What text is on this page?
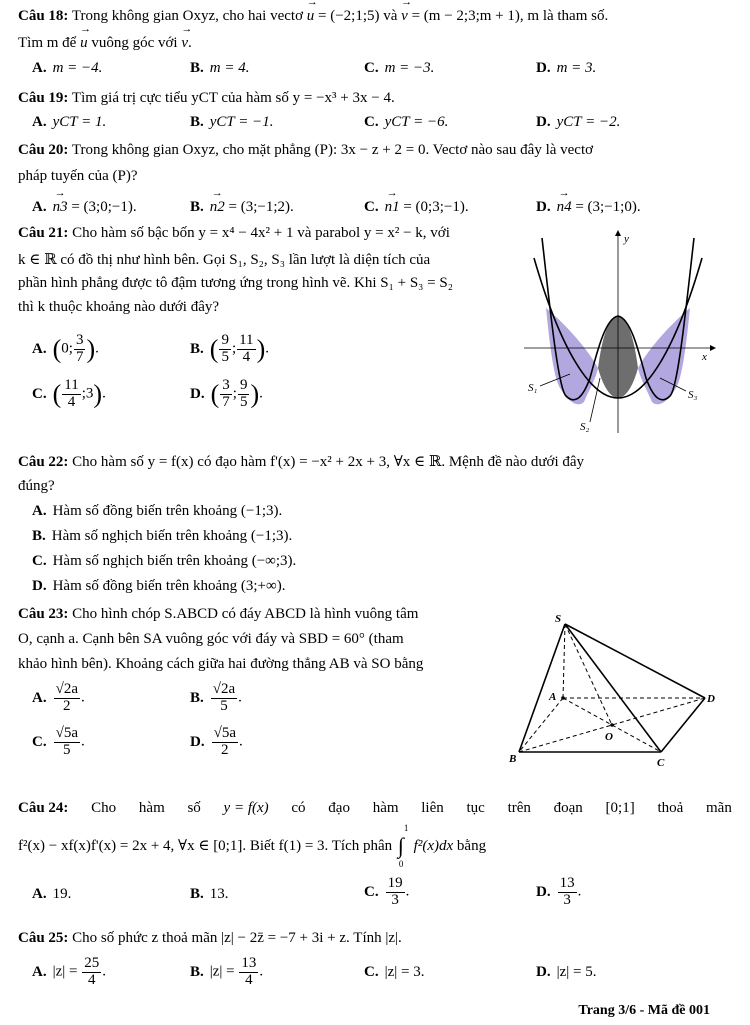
Câu 18: Trong không gian Oxyz, cho hai vectơ → u = (−2;1;5) và → v = (m − 2;3;m + 1), m là tham số.
Tìm m để → u vuông góc với → v.
A. m = −4.	B. m = 4.	C. m = −3.	D. m = 3.
Câu 19: Tìm giá trị cực tiểu yCT của hàm số y = −x³ + 3x − 4.
A. yCT = 1.	B. yCT = −1.	C. yCT = −6.	D. yCT = −2.
Câu 20: Trong không gian Oxyz, cho mặt phẳng (P): 3x − z + 2 = 0. Vectơ nào sau đây là vectơ
pháp tuyến của (P)?
A. → n3 = (3;0;−1).	B. → n2 = (3;−1;2).	C. → n1 = (0;3;−1).	D. → n4 = (3;−1;0).
Câu 21: Cho hàm số bậc bốn y = x⁴ − 4x² + 1 và parabol y = x² − k, với
k ∈ ℝ có đồ thị như hình bên. Gọi S₁, S₂, S₃ lần lượt là diện tích của
phần hình phẳng được tô đậm tương ứng trong hình vẽ. Khi S₁ + S₃ = S₂
thì k thuộc khoảng nào dưới đây?
A. (0; $\frac{3}{7}$ ).	B. ( $\frac{9}{5}$ ; $\frac{11}{4}$ ).
C. ( $\frac{11}{4}$ ;3).	D. ( $\frac{3}{7}$ ; $\frac{9}{5}$ ).
y
x
S₁
S₃
S₂
Câu 22: Cho hàm số y = f(x) có đạo hàm f'(x) = −x² + 2x + 3, ∀x ∈ ℝ. Mệnh đề nào dưới đây
đúng?
A. Hàm số đồng biến trên khoảng (−1;3).
B. Hàm số nghịch biến trên khoảng (−1;3).
C. Hàm số nghịch biến trên khoảng (−∞;3).
D. Hàm số đồng biến trên khoảng (3;+∞).
Câu 23: Cho hình chóp S.ABCD có đáy ABCD là hình vuông tâm
O, cạnh a. Cạnh bên SA vuông góc với đáy và SBD = 60° (tham
khảo hình bên). Khoảng cách giữa hai đường thẳng AB và SO bằng
A. $\frac{√2a}{2}$ .	B. $\frac{√2a}{5}$ .
C. $\frac{√5a}{5}$ .	D. $\frac{√5a}{2}$ .
S
A	D
B	C
O
Câu 24: Cho hàm số y = f(x) có đạo hàm liên tục trên đoạn [0;1] thoả mãn
f²(x) − xf(x)f'(x) = 2x + 4, ∀x ∈ [0;1]. Biết f(1) = 3. Tích phân ∫
1
0
f²(x)dx bằng
A. 19.	B. 13.	C. $\frac{19}{3}$ .	D. $\frac{13}{3}$ .
Câu 25: Cho số phức z thoả mãn |z| − 2z̄ = −7 + 3i + z. Tính |z|.
A. $|z| = \frac{25}{4}$ .	B. $|z| = \frac{13}{4}$ .	C. |z| = 3.	D. |z| = 5.
Trang 3/6 - Mã đề 001
